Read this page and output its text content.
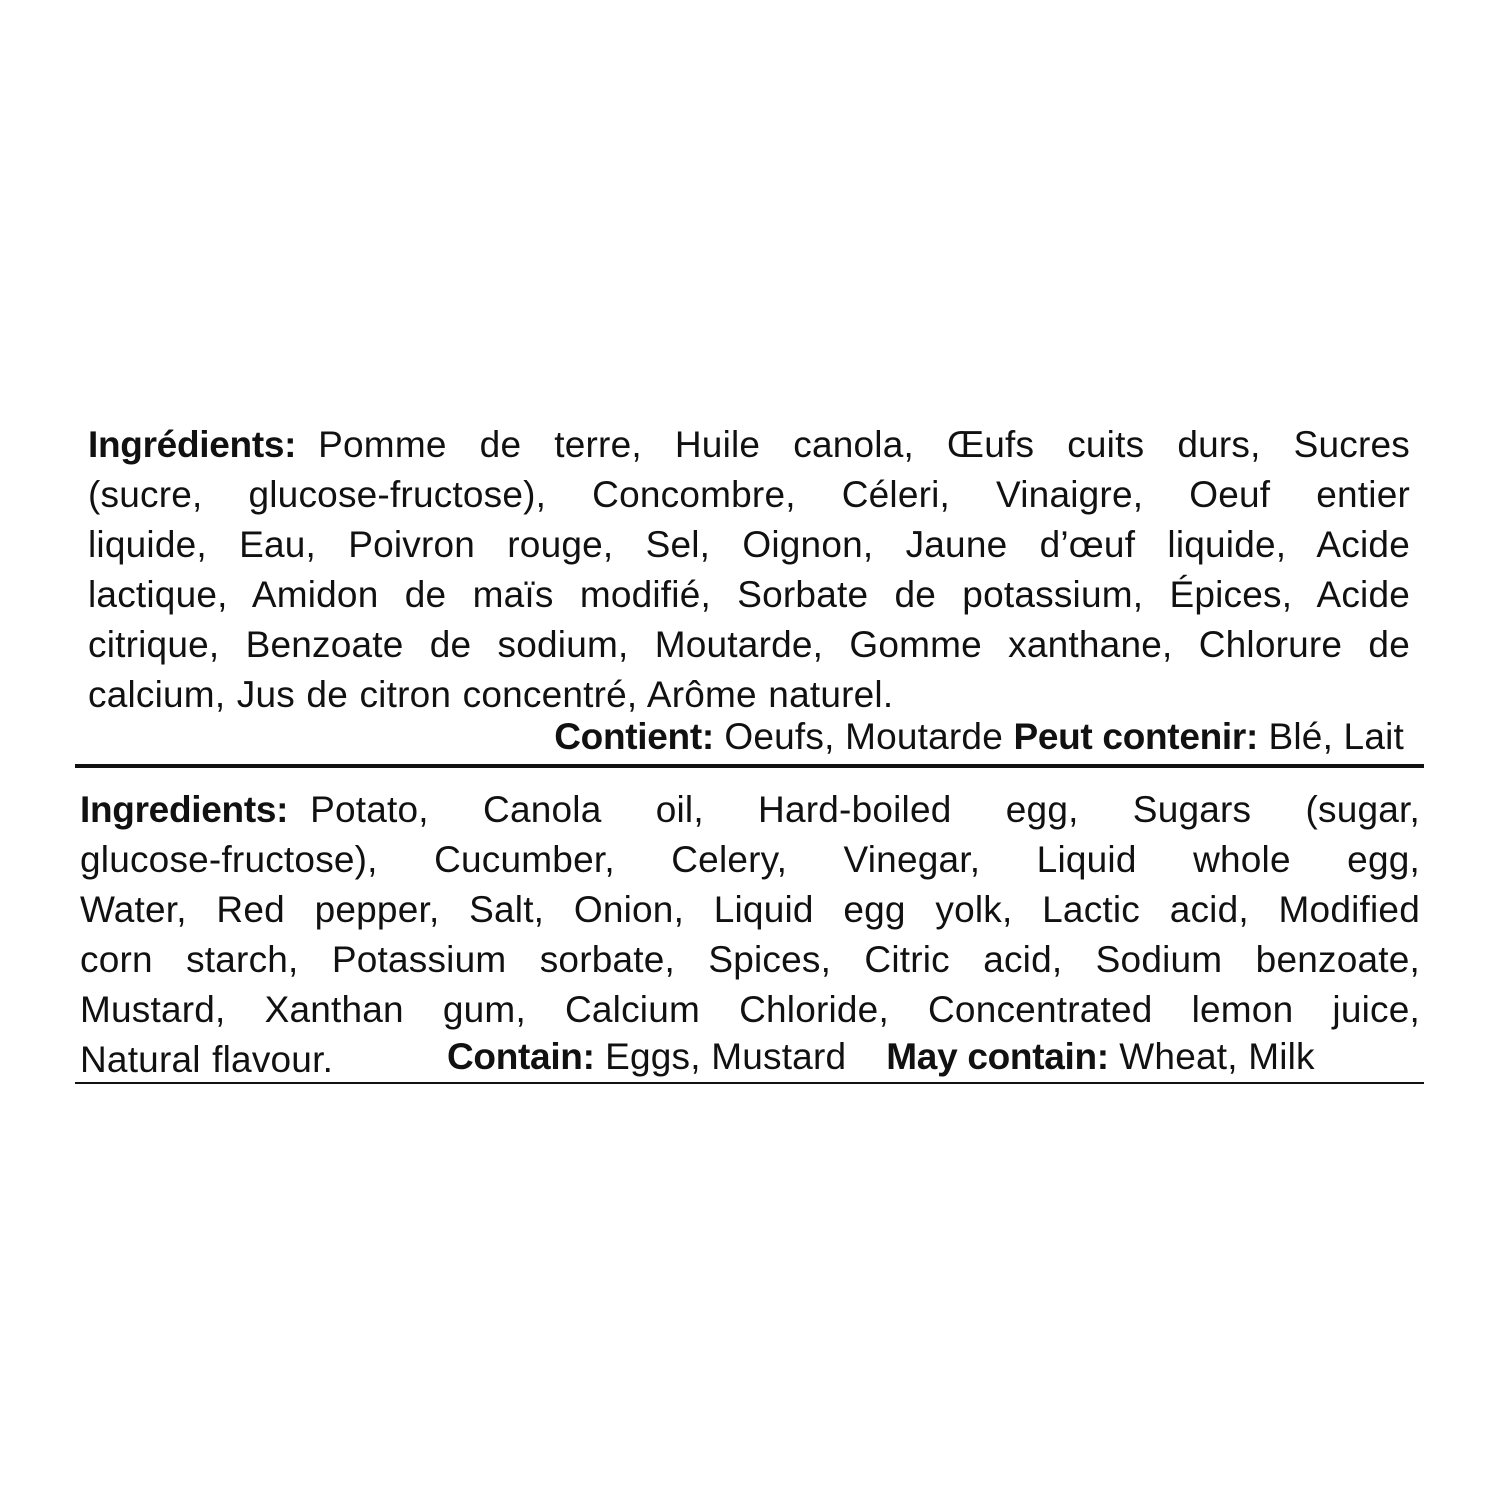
Ingrédients: Pomme de terre, Huile canola, Œufs cuits durs, Sucres
(sucre, glucose-fructose), Concombre, Céleri, Vinaigre, Oeuf entier
liquide, Eau, Poivron rouge, Sel, Oignon, Jaune d’œuf liquide, Acide
lactique, Amidon de maïs modifié, Sorbate de potassium, Épices, Acide
citrique, Benzoate de sodium, Moutarde, Gomme xanthane, Chlorure de
calcium, Jus de citron concentré, Arôme naturel.

Contient: Oeufs, Moutarde Peut contenir: Blé, Lait

Ingredients: Potato, Canola oil, Hard-boiled egg, Sugars (sugar,
glucose-fructose), Cucumber, Celery, Vinegar, Liquid whole egg,
Water, Red pepper, Salt, Onion, Liquid egg yolk, Lactic acid, Modified
corn starch, Potassium sorbate, Spices, Citric acid, Sodium benzoate,
Mustard, Xanthan gum, Calcium Chloride, Concentrated lemon juice,
Natural flavour.	Contain: Eggs, Mustard May contain: Wheat, Milk
